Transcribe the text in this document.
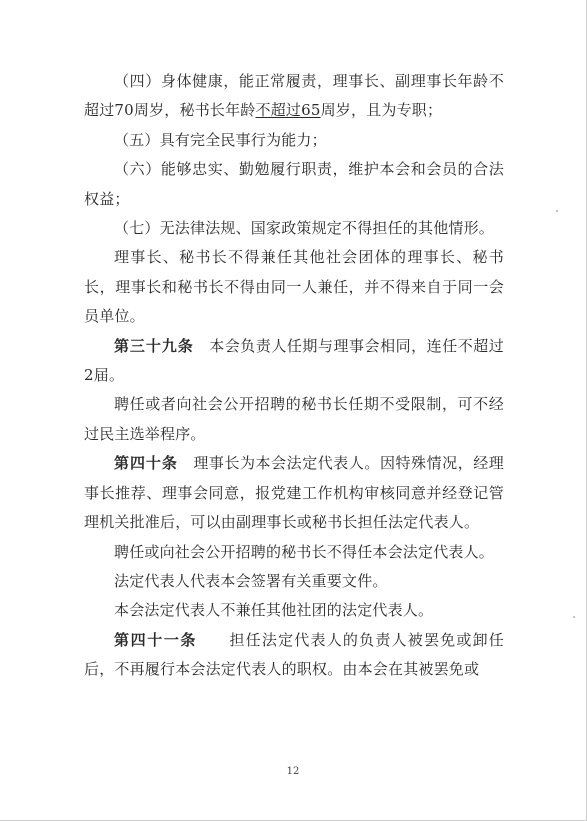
（四）身体健康，能正常履责，理事长、副理事长年龄不超过70周岁，秘书长年龄不超过65周岁，且为专职；

（五）具有完全民事行为能力；

（六）能够忠实、勤勉履行职责，维护本会和会员的合法权益；

（七）无法律法规、国家政策规定不得担任的其他情形。

理事长、秘书长不得兼任其他社会团体的理事长、秘书长，理事长和秘书长不得由同一人兼任，并不得来自于同一会员单位。

第三十九条　 本会负责人任期与理事会相同，连任不超过2届。

聘任或者向社会公开招聘的秘书长任期不受限制，可不经过民主选举程序。

第四十条　 理事长为本会法定代表人。因特殊情况，经理事长推荐、理事会同意，报党建工作机构审核同意并经登记管理机关批准后，可以由副理事长或秘书长担任法定代表人。

聘任或向社会公开招聘的秘书长不得任本会法定代表人。

法定代表人代表本会签署有关重要文件。

本会法定代表人不兼任其他社团的法定代表人。

第四十一条　　 担任法定代表人的负责人被罢免或卸任后，不再履行本会法定代表人的职权。由本会在其被罢免或

12
